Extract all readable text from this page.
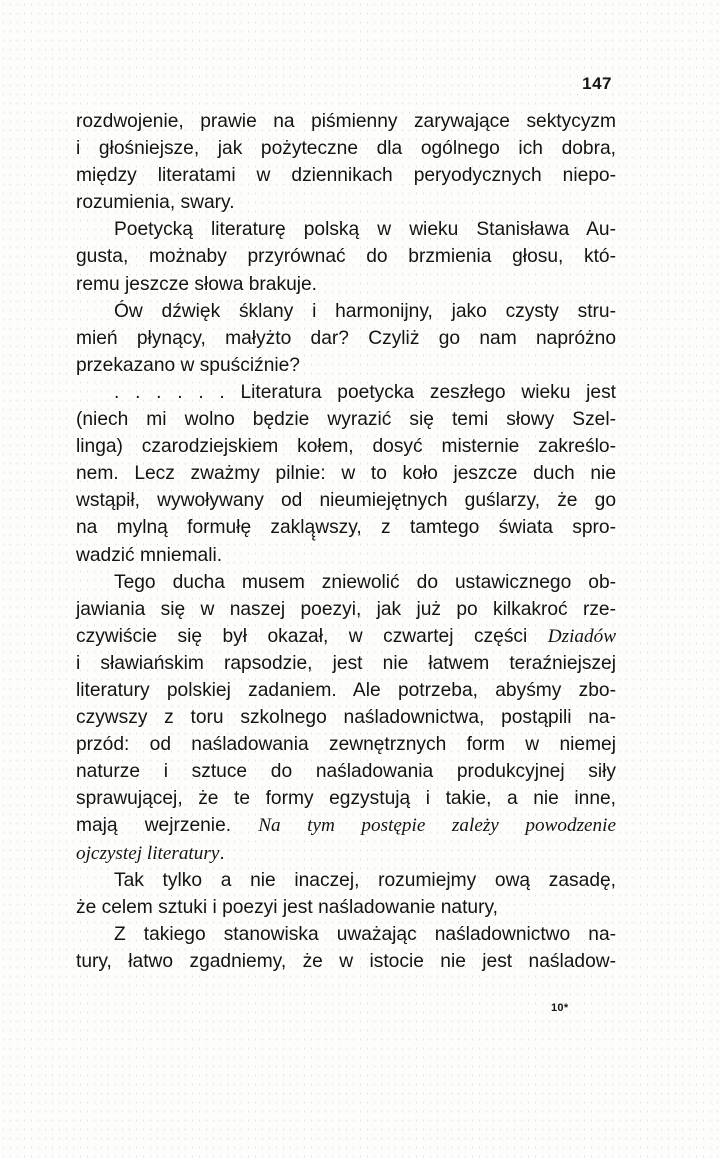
147
rozdwojenie, prawie na piśmienny zarywające sektycyzm
i głośniejsze, jak pożyteczne dla ogólnego ich dobra,
między literatami w dziennikach peryodycznych niepo-
rozumienia, swary.
Poetycką literaturę polską w wieku Stanisława Au-
gusta, możnaby przyrównać do brzmienia głosu, któ-
remu jeszcze słowa brakuje.
Ów dźwięk śklany i harmonijny, jako czysty stru-
mień płynący, małyżto dar? Czyliż go nam napróżno
przekazano w spuściźnie?
. . . . . . Literatura poetycka zeszłego wieku jest
(niech mi wolno będzie wyrazić się temi słowy Szel-
linga) czarodziejskiem kołem, dosyć misternie zakreślo-
nem. Lecz zważmy pilnie: w to koło jeszcze duch nie
wstąpił, wywoływany od nieumiejętnych guślarzy, że go
na mylną formułę zaklą̨wszy, z tamtego świata spro-
wadzić mniemali.
Tego ducha musem zniewolić do ustawicznego ob-
jawiania się w naszej poezyi, jak już po kilkakroć rze-
czywiście się był okazał, w czwartej części Dziadów
i sławiańskim rapsodzie, jest nie łatwem teraźniejszej
literatury polskiej zadaniem. Ale potrzeba, abyśmy zbo-
czywszy z toru szkolnego naśladownictwa, postąpili na-
przód: od naśladowania zewnętrznych form w niemej
naturze i sztuce do naśladowania produkcyjnej siły
sprawującej, że te formy egzystują i takie, a nie inne,
mają wejrzenie. Na tym postępie zależy powodzenie
ojczystej literatury.
Tak tylko a nie inaczej, rozumiejmy ową zasadę,
że celem sztuki i poezyi jest naśladowanie natury,
Z takiego stanowiska uważając naśladownictwo na-
tury, łatwo zgadniemy, że w istocie nie jest naśladow-
10*
